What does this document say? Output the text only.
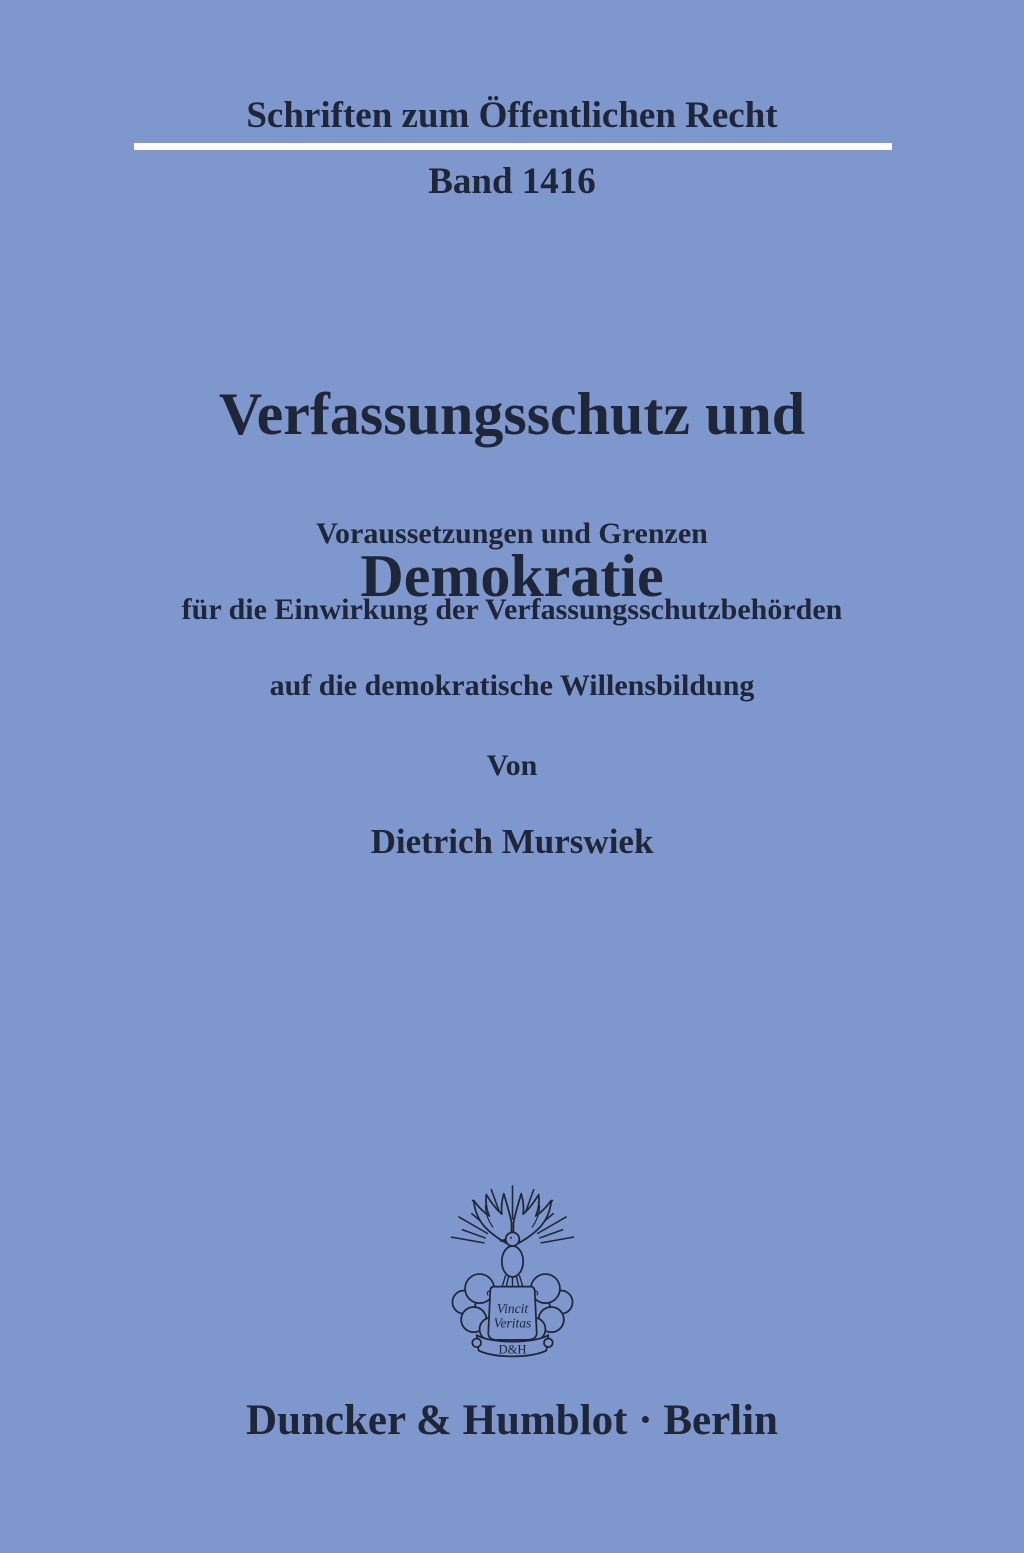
Schriften zum Öffentlichen Recht
Band 1416

Verfassungsschutz und

Demokratie

Voraussetzungen und Grenzen

für die Einwirkung der Verfassungsschutzbehörden

auf die demokratische Willensbildung

Von
Dietrich Murswiek
Vincit
Veritas
D&H
Duncker & Humblot · Berlin
